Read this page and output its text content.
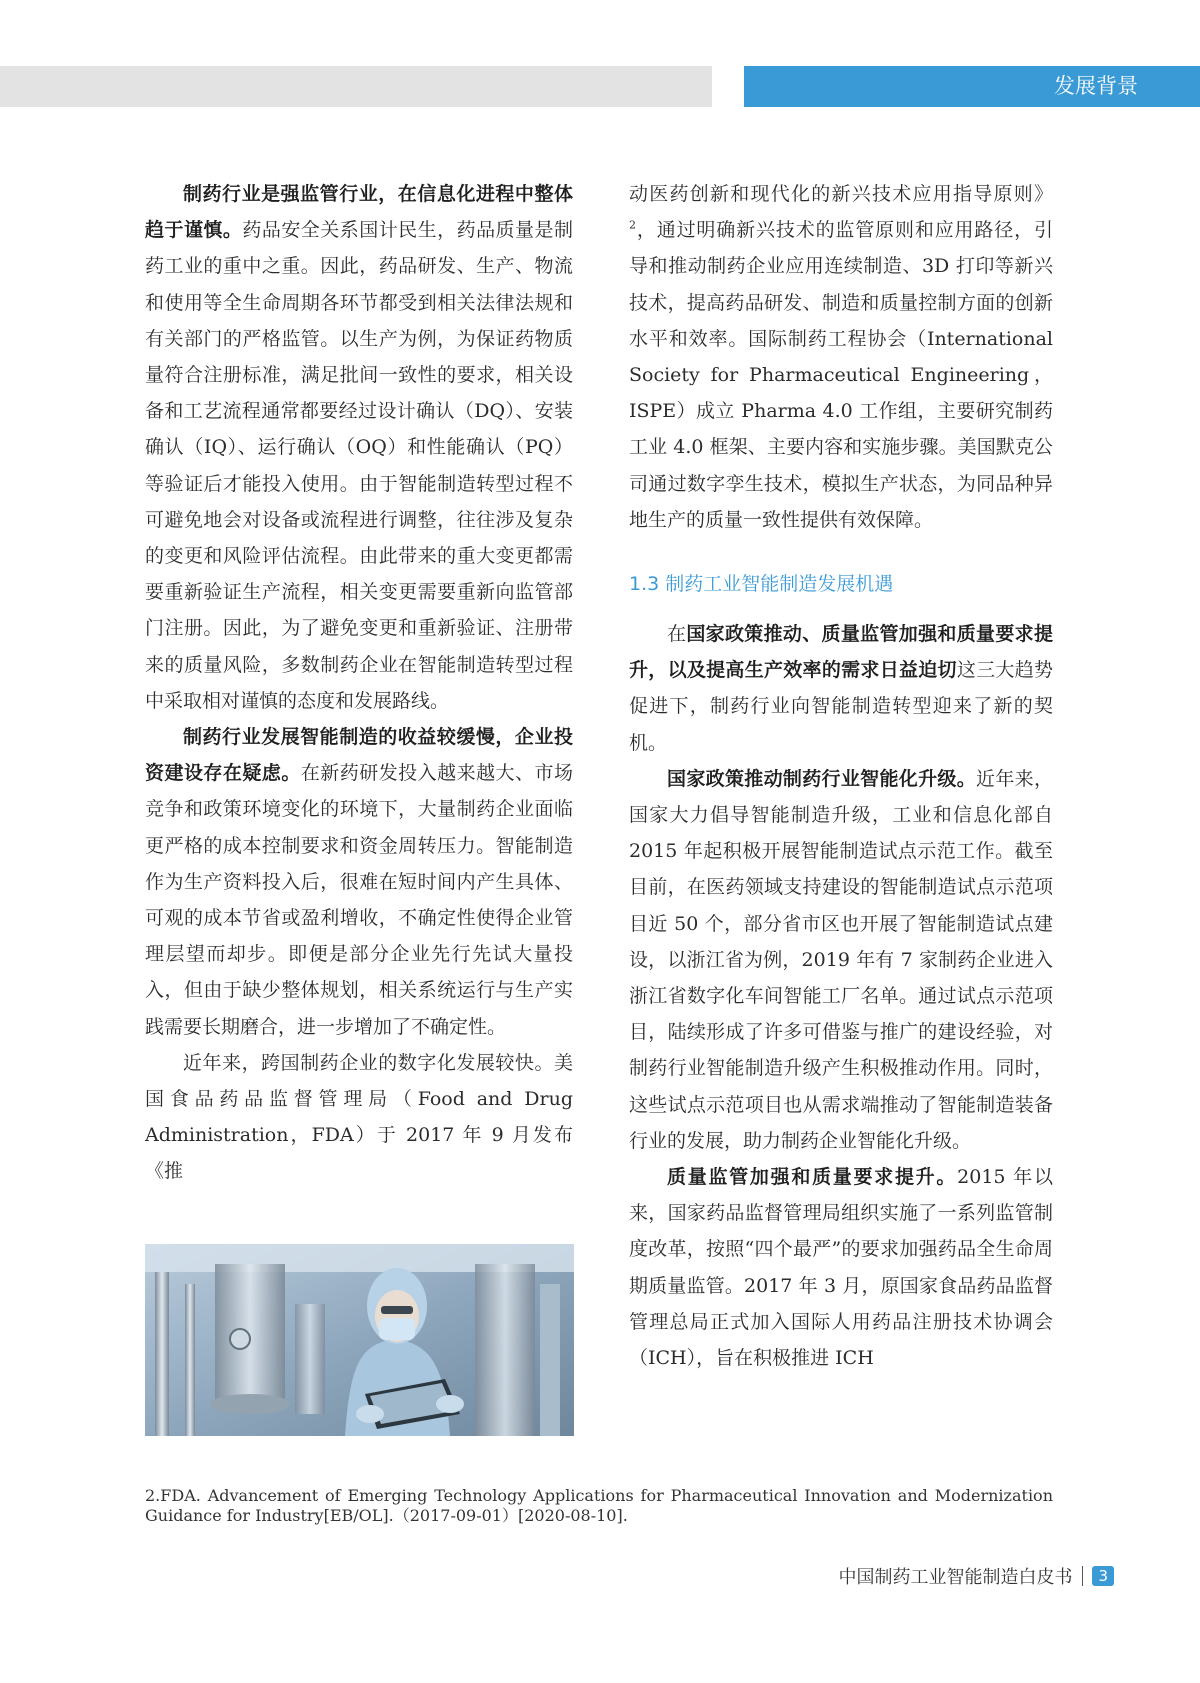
发展背景

制药行业是强监管行业，在信息化进程中整体趋于谨慎。药品安全关系国计民生，药品质量是制药工业的重中之重。因此，药品研发、生产、物流和使用等全生命周期各环节都受到相关法律法规和有关部门的严格监管。以生产为例，为保证药物质量符合注册标准，满足批间一致性的要求，相关设备和工艺流程通常都要经过设计确认（DQ）、安装确认（IQ）、运行确认（OQ）和性能确认（PQ）等验证后才能投入使用。由于智能制造转型过程不可避免地会对设备或流程进行调整，往往涉及复杂的变更和风险评估流程。由此带来的重大变更都需要重新验证生产流程，相关变更需要重新向监管部门注册。因此，为了避免变更和重新验证、注册带来的质量风险，多数制药企业在智能制造转型过程中采取相对谨慎的态度和发展路线。

制药行业发展智能制造的收益较缓慢，企业投资建设存在疑虑。在新药研发投入越来越大、市场竞争和政策环境变化的环境下，大量制药企业面临更严格的成本控制要求和资金周转压力。智能制造作为生产资料投入后，很难在短时间内产生具体、可观的成本节省或盈利增收，不确定性使得企业管理层望而却步。即便是部分企业先行先试大量投入，但由于缺少整体规划，相关系统运行与生产实践需要长期磨合，进一步增加了不确定性。

近年来，跨国制药企业的数字化发展较快。美国食品药品监督管理局（Food and Drug Administration，FDA）于 2017 年 9 月发布《推

动医药创新和现代化的新兴技术应用指导原则》$^2$，通过明确新兴技术的监管原则和应用路径，引导和推动制药企业应用连续制造、3D 打印等新兴技术，提高药品研发、制造和质量控制方面的创新水平和效率。国际制药工程协会（International Society for Pharmaceutical Engineering，ISPE）成立 Pharma 4.0 工作组，主要研究制药工业 4.0 框架、主要内容和实施步骤。美国默克公司通过数字孪生技术，模拟生产状态，为同品种异地生产的质量一致性提供有效保障。

1.3 制药工业智能制造发展机遇

在国家政策推动、质量监管加强和质量要求提升，以及提高生产效率的需求日益迫切这三大趋势促进下，制药行业向智能制造转型迎来了新的契机。

国家政策推动制药行业智能化升级。近年来，国家大力倡导智能制造升级，工业和信息化部自 2015 年起积极开展智能制造试点示范工作。截至目前，在医药领域支持建设的智能制造试点示范项目近 50 个，部分省市区也开展了智能制造试点建设，以浙江省为例，2019 年有 7 家制药企业进入浙江省数字化车间智能工厂名单。通过试点示范项目，陆续形成了许多可借鉴与推广的建设经验，对制药行业智能制造升级产生积极推动作用。同时，这些试点示范项目也从需求端推动了智能制造装备行业的发展，助力制药企业智能化升级。

质量监管加强和质量要求提升。2015 年以来，国家药品监督管理局组织实施了一系列监管制度改革，按照“四个最严”的要求加强药品全生命周期质量监管。2017 年 3 月，原国家食品药品监督管理总局正式加入国际人用药品注册技术协调会（ICH），旨在积极推进 ICH

2.FDA. Advancement of Emerging Technology Applications for Pharmaceutical Innovation and Modernization Guidance for Industry[EB/OL].（2017-09-01）[2020-08-10].
中国制药工业智能制造白皮书	3
